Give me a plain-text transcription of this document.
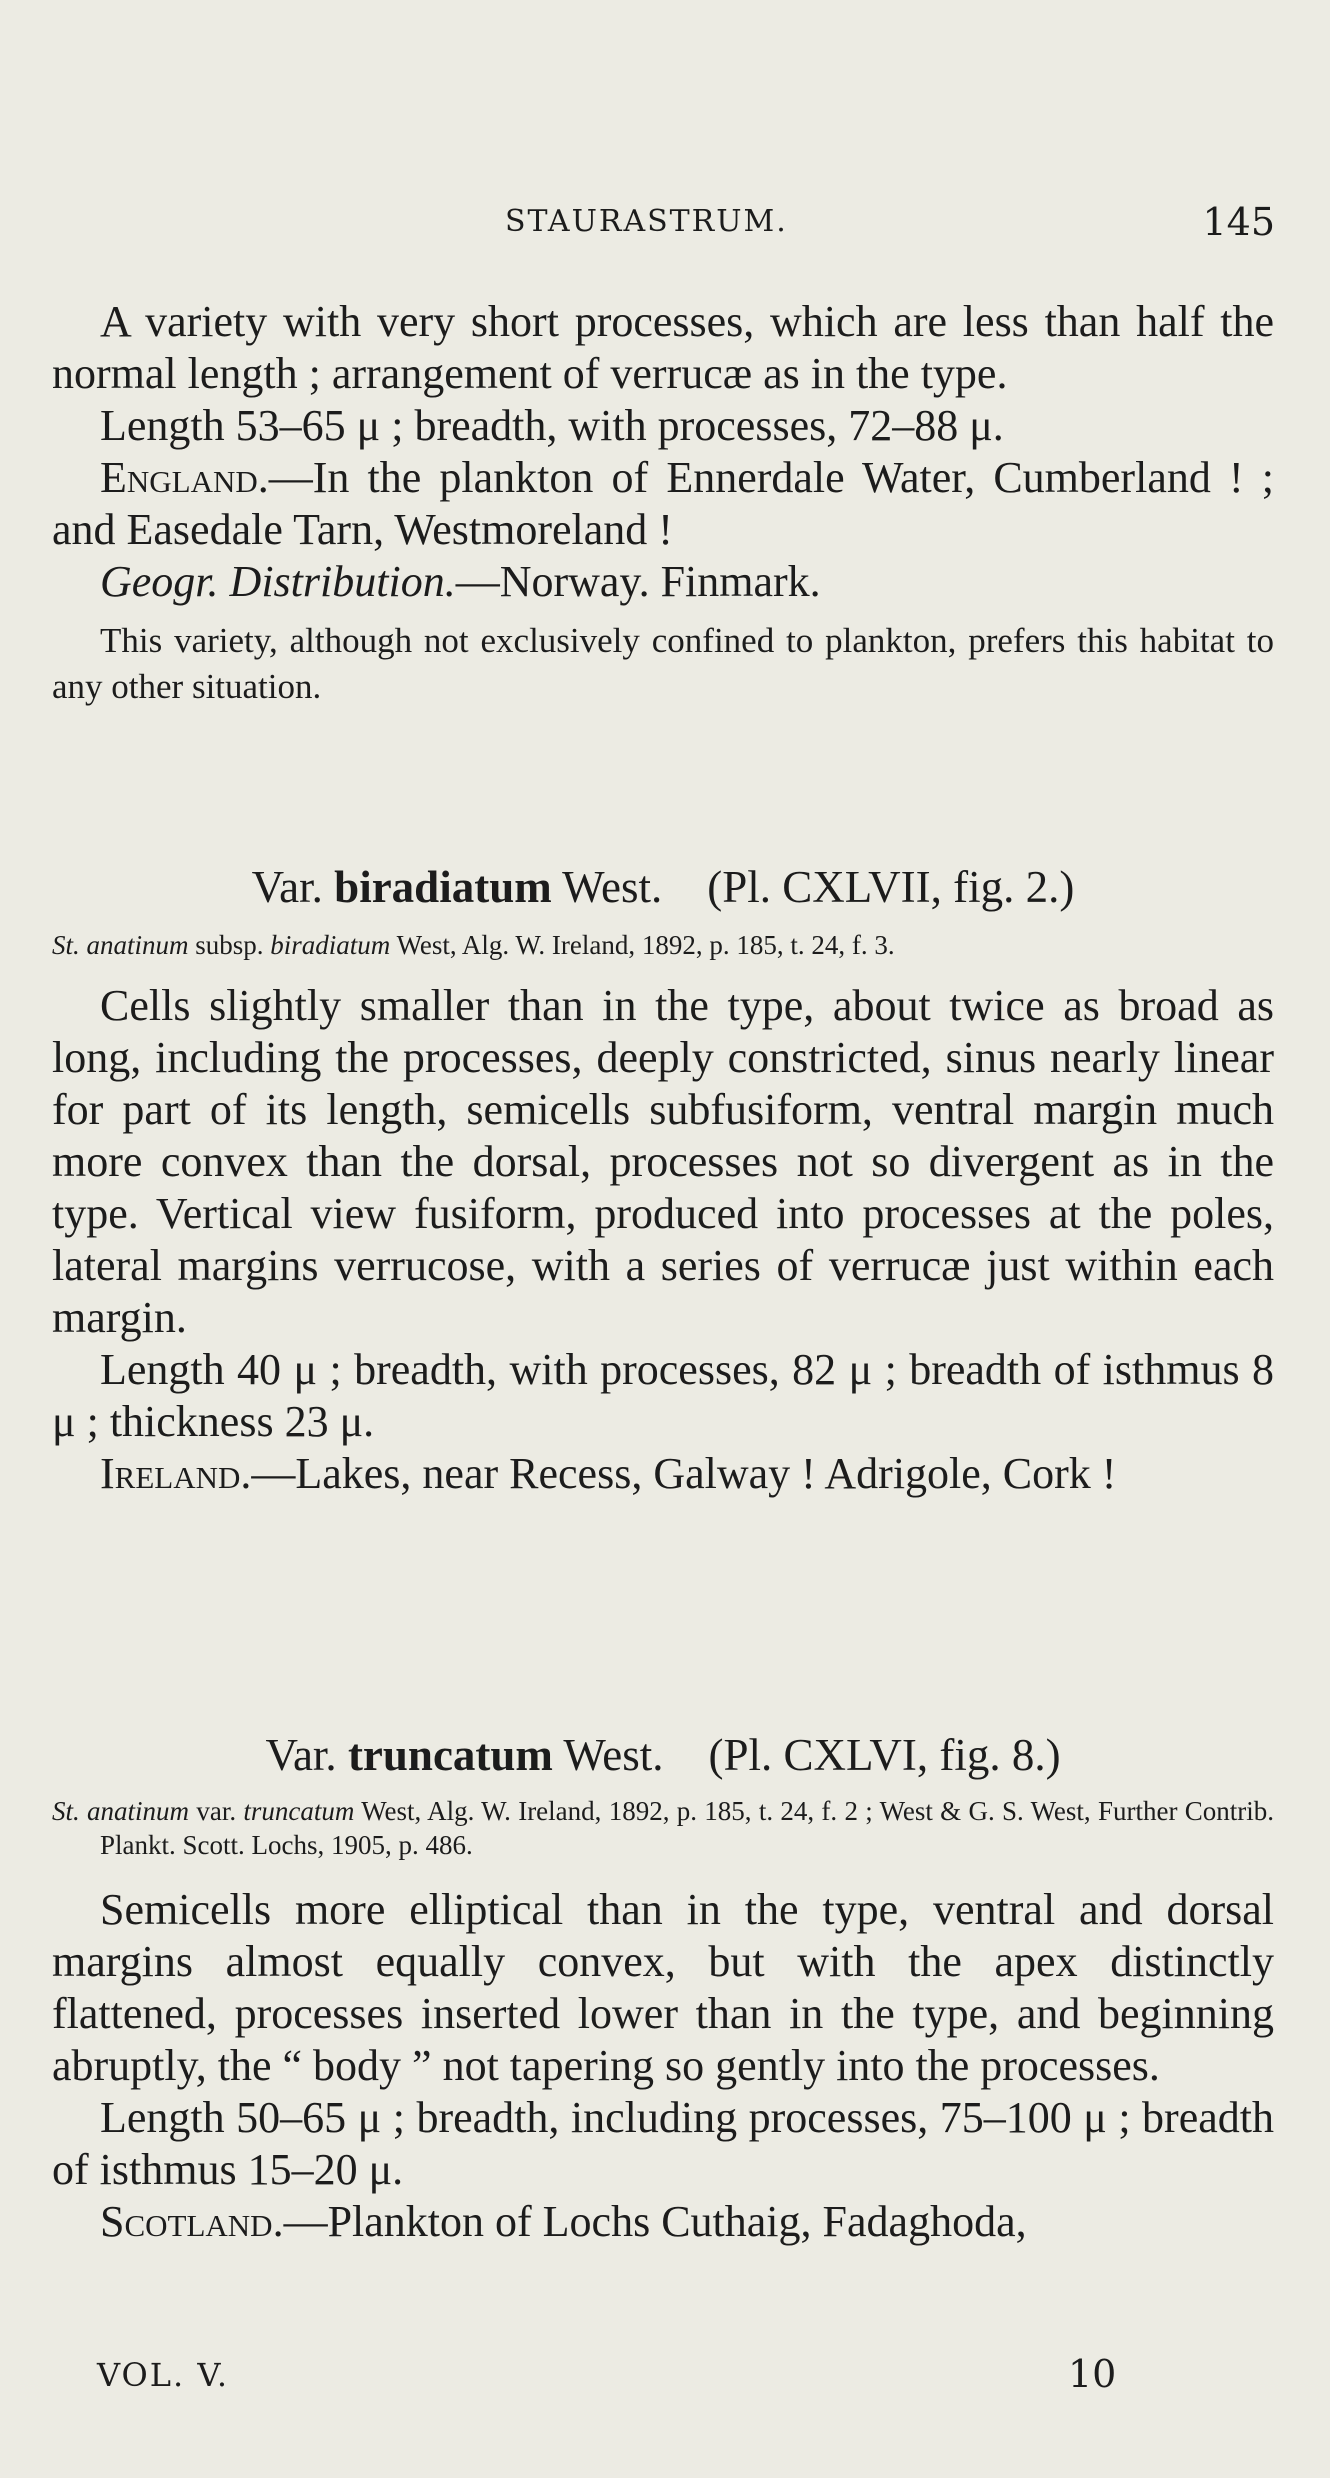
STAURASTRUM.	145

A variety with very short processes, which are less than half the normal length ; arrangement of verrucæ as in the type.

Length 53–65 μ ; breadth, with processes, 72–88 μ.

England.—In the plankton of Ennerdale Water, Cumberland ! ; and Easedale Tarn, Westmoreland !

Geogr. Distribution.—Norway. Finmark.

This variety, although not exclusively confined to plankton, prefers this habitat to any other situation.

Var. biradiatum West. (Pl. CXLVII, fig. 2.)

St. anatinum subsp. biradiatum West, Alg. W. Ireland, 1892, p. 185, t. 24, f. 3.

Cells slightly smaller than in the type, about twice as broad as long, including the processes, deeply constricted, sinus nearly linear for part of its length, semicells subfusiform, ventral margin much more convex than the dorsal, processes not so divergent as in the type. Vertical view fusiform, produced into processes at the poles, lateral margins verrucose, with a series of verrucæ just within each margin.

Length 40 μ ; breadth, with processes, 82 μ ; breadth of isthmus 8 μ ; thickness 23 μ.

Ireland.—Lakes, near Recess, Galway ! Adrigole, Cork !

Var. truncatum West. (Pl. CXLVI, fig. 8.)

St. anatinum var. truncatum West, Alg. W. Ireland, 1892, p. 185, t. 24, f. 2 ; West & G. S. West, Further Contrib. Plankt. Scott. Lochs, 1905, p. 486.

Semicells more elliptical than in the type, ventral and dorsal margins almost equally convex, but with the apex distinctly flattened, processes inserted lower than in the type, and beginning abruptly, the “ body ” not tapering so gently into the processes.

Length 50–65 μ ; breadth, including processes, 75–100 μ ; breadth of isthmus 15–20 μ.

Scotland.—Plankton of Lochs Cuthaig, Fadaghoda,

VOL. V.	10
